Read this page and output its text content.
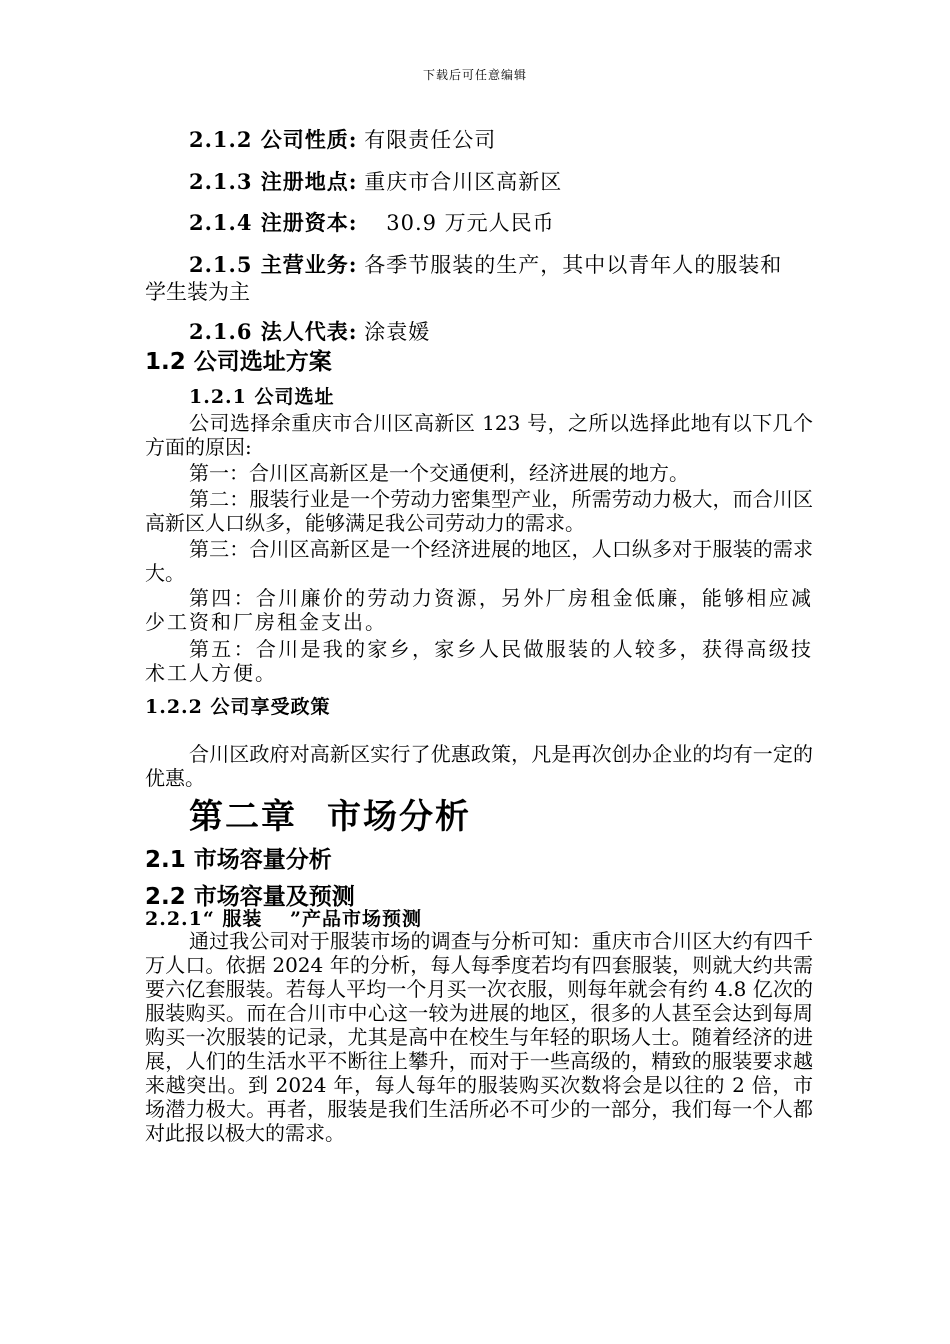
下载后可任意编辑
2.1.2 公司性质: 有限责任公司
2.1.3 注册地点: 重庆市合川区高新区
2.1.4 注册资本: 　30.9 万元人民币
2.1.5 主营业务: 各季节服装的生产，其中以青年人的服装和
学生装为主
2.1.6 法人代表: 涂袁媛
1.2 公司选址方案
1.2.1 公司选址
公司选择余重庆市合川区高新区 123 号，之所以选择此地有以下几个方面的原因:
第一：合川区高新区是一个交通便利，经济进展的地方。
第二：服装行业是一个劳动力密集型产业，所需劳动力极大，而合川区高新区人口纵多，能够满足我公司劳动力的需求。
第三：合川区高新区是一个经济进展的地区，人口纵多对于服装的需求大。
第四：合川廉价的劳动力资源，另外厂房租金低廉，能够相应减少工资和厂房租金支出。
第五：合川是我的家乡，家乡人民做服装的人较多，获得高级技术工人方便。
1.2.2 公司享受政策
合川区政府对高新区实行了优惠政策，凡是再次创办企业的均有一定的优惠。
第二章 市场分析
2.1 市场容量分析
2.2 市场容量及预测
2.2.1“ 服装　 ”产品市场预测
通过我公司对于服装市场的调查与分析可知：重庆市合川区大约有四千万人口。依据 2024 年的分析，每人每季度若均有四套服装，则就大约共需要六亿套服装。若每人平均一个月买一次衣服，则每年就会有约 4.8 亿次的服装购买。而在合川市中心这一较为进展的地区，很多的人甚至会达到每周购买一次服装的记录，尤其是高中在校生与年轻的职场人士。随着经济的进展，人们的生活水平不断往上攀升，而对于一些高级的，精致的服装要求越来越突出。到 2024 年，每人每年的服装购买次数将会是以往的 2 倍，市场潜力极大。再者，服装是我们生活所必不可少的一部分，我们每一个人都对此报以极大的需求。
